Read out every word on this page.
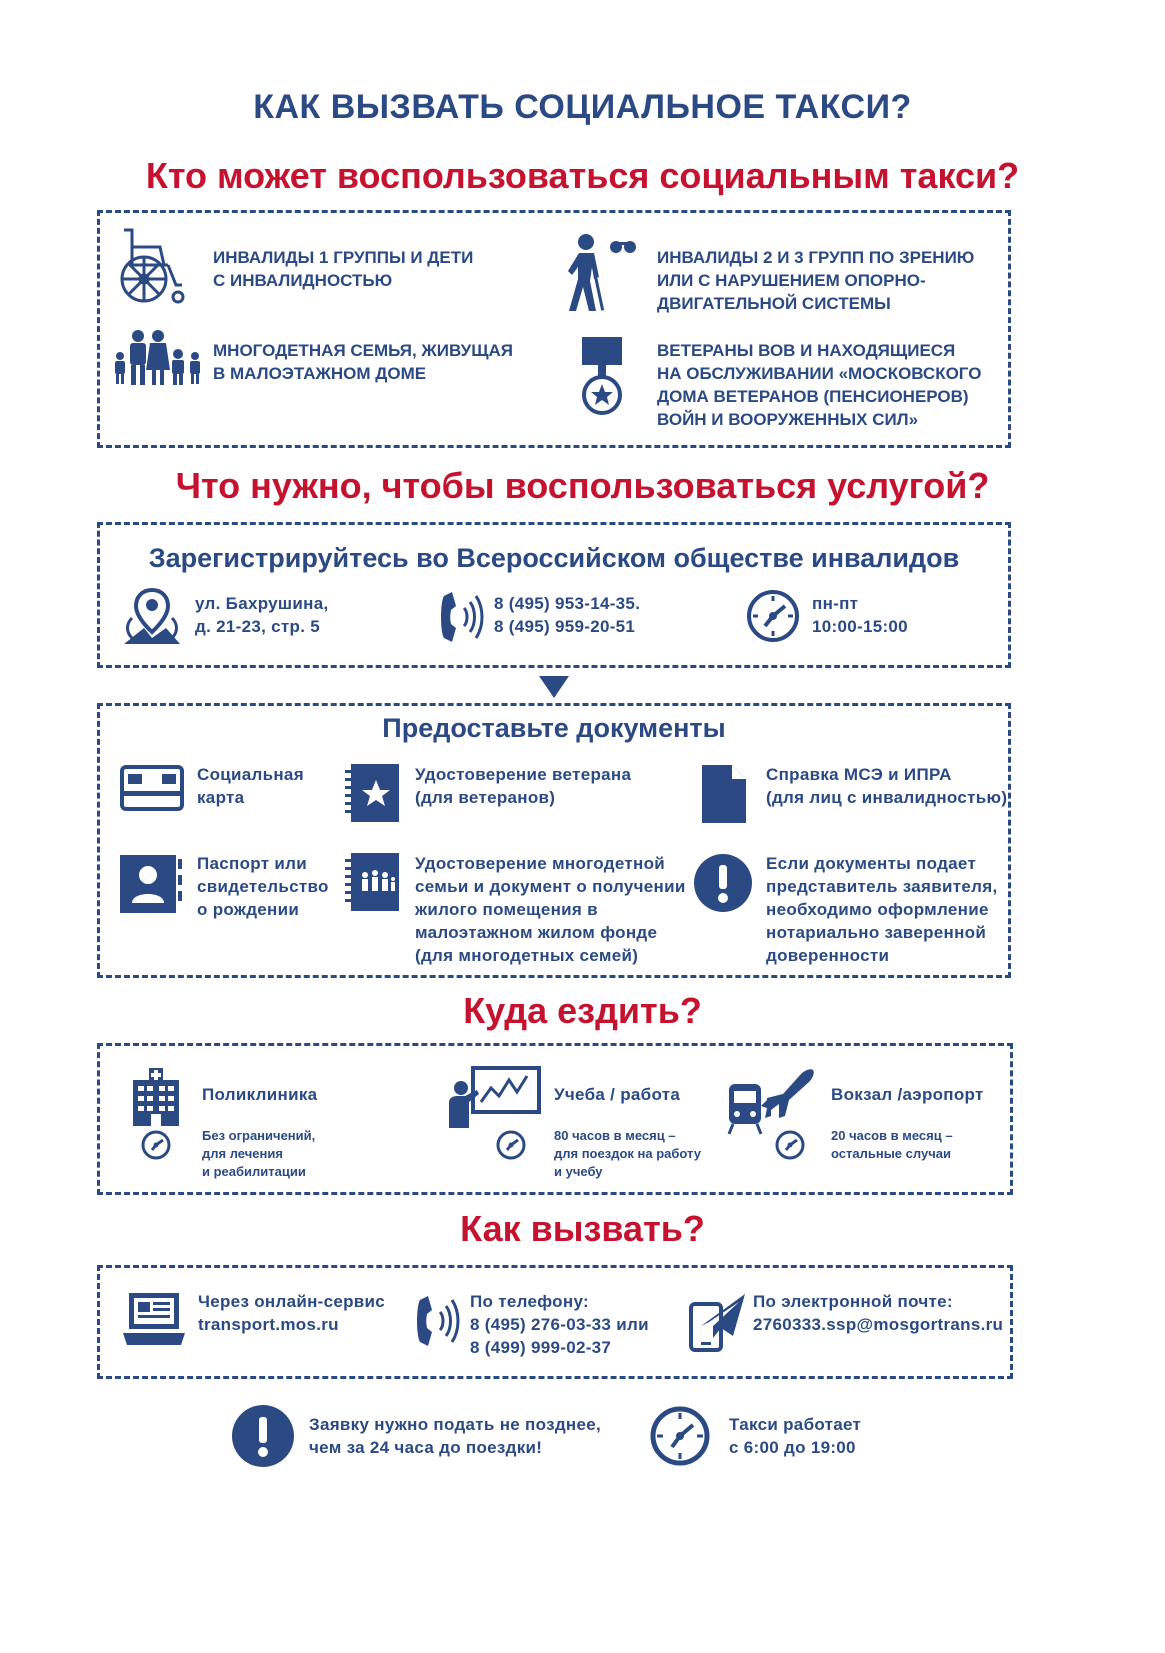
КАК ВЫЗВАТЬ СОЦИАЛЬНОЕ ТАКСИ?
Кто может воспользоваться социальным такси?
ИНВАЛИДЫ 1 ГРУППЫ И ДЕТИ
С ИНВАЛИДНОСТЬЮ
ИНВАЛИДЫ 2 И 3 ГРУПП ПО ЗРЕНИЮ
ИЛИ С НАРУШЕНИЕМ ОПОРНО-
ДВИГАТЕЛЬНОЙ СИСТЕМЫ
МНОГОДЕТНАЯ СЕМЬЯ, ЖИВУЩАЯ
В МАЛОЭТАЖНОМ ДОМЕ
ВЕТЕРАНЫ ВОВ И НАХОДЯЩИЕСЯ
НА ОБСЛУЖИВАНИИ «МОСКОВСКОГО
ДОМА ВЕТЕРАНОВ (ПЕНСИОНЕРОВ)
ВОЙН И ВООРУЖЕННЫХ СИЛ»
Что нужно, чтобы воспользоваться услугой?
Зарегистрируйтесь во Всероссийском обществе инвалидов
ул. Бахрушина,
д. 21-23, стр. 5
8 (495) 953-14-35.
8 (495) 959-20-51
пн-пт
10:00-15:00
Предоставьте документы
Социальная
карта
Удостоверение ветерана
(для ветеранов)
Справка МСЭ и ИПРА
(для лиц с инвалидностью)
Паспорт или
свидетельство
о рождении
Удостоверение многодетной
семьи и документ о получении
жилого помещения в
малоэтажном жилом фонде
(для многодетных семей)
Если документы подает
представитель заявителя,
необходимо оформление
нотариально заверенной
доверенности
Куда ездить?
Поликлиника
Без ограничений,
для лечения
и реабилитации
Учеба / работа
80 часов в месяц –
для поездок на работу
и учебу
Вокзал /аэропорт
20 часов в месяц –
остальные случаи
Как вызвать?
Через онлайн-сервис
transport.mos.ru
По телефону:
8 (495) 276-03-33 или
8 (499) 999-02-37
По электронной почте:
2760333.ssp@mosgortrans.ru
Заявку нужно подать не позднее,
чем за 24 часа до поездки!
Такси работает
с 6:00 до 19:00
